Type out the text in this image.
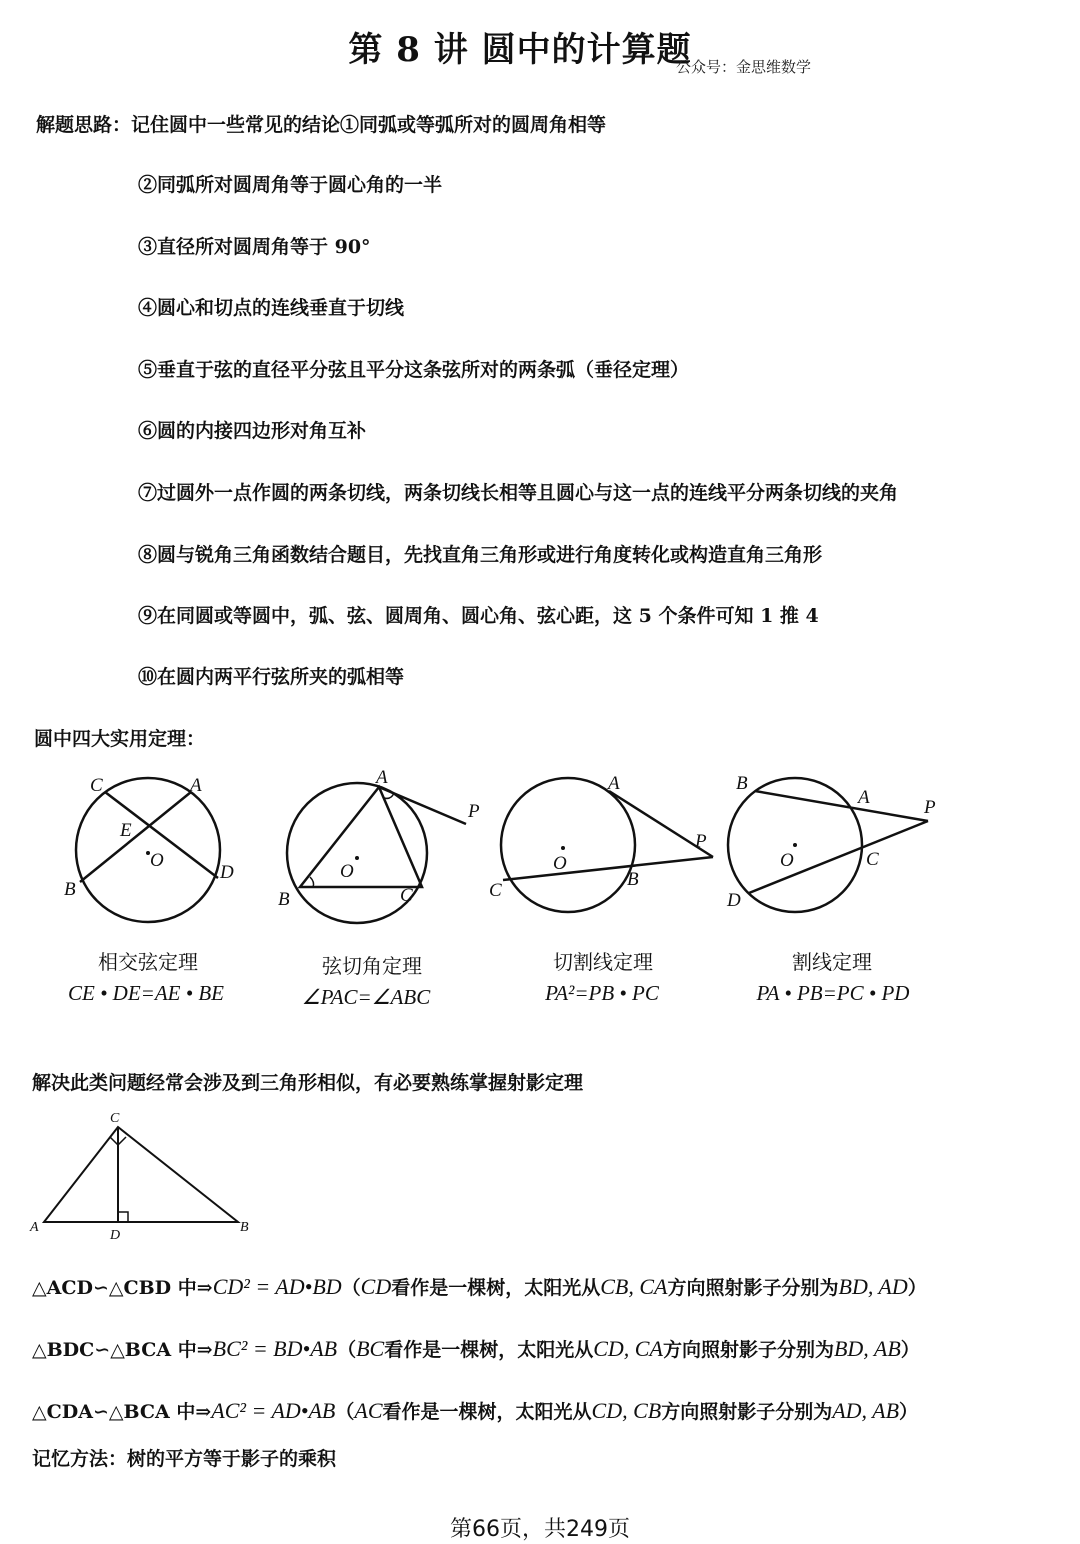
第 8 讲 圆中的计算题
公众号：金思维数学
解题思路：记住圆中一些常见的结论①同弧或等弧所对的圆周角相等
②同弧所对圆周角等于圆心角的一半
③直径所对圆周角等于 90°
④圆心和切点的连线垂直于切线
⑤垂直于弦的直径平分弦且平分这条弦所对的两条弧（垂径定理）
⑥圆的内接四边形对角互补
⑦过圆外一点作圆的两条切线，两条切线长相等且圆心与这一点的连线平分两条切线的夹角
⑧圆与锐角三角函数结合题目，先找直角三角形或进行角度转化或构造直角三角形
⑨在同圆或等圆中，弧、弦、圆周角、圆心角、弦心距，这 5 个条件可知 1 推 4
⑩在圆内两平行弦所夹的弧相等
圆中四大实用定理：
C	A
E
O
B
D
A
P
O
B	C
A
P
O
C
B
B
A	P
O	C
D
相交弦定理
CE • DE=AE • BE
弦切角定理
∠PAC=∠ABC
切割线定理
PA²=PB • PC
割线定理
PA • PB=PC • PD
解决此类问题经常会涉及到三角形相似，有必要熟练掌握射影定理
C
A
D
B
△ACD∽△CBD 中⇒CD² = AD•BD（CD看作是一棵树，太阳光从CB, CA方向照射影子分别为BD, AD）
△BDC∽△BCA 中⇒BC² = BD•AB（BC看作是一棵树，太阳光从CD, CA方向照射影子分别为BD, AB）
△CDA∽△BCA 中⇒AC² = AD•AB（AC看作是一棵树，太阳光从CD, CB方向照射影子分别为AD, AB）
记忆方法：树的平方等于影子的乘积
第66页，共249页
